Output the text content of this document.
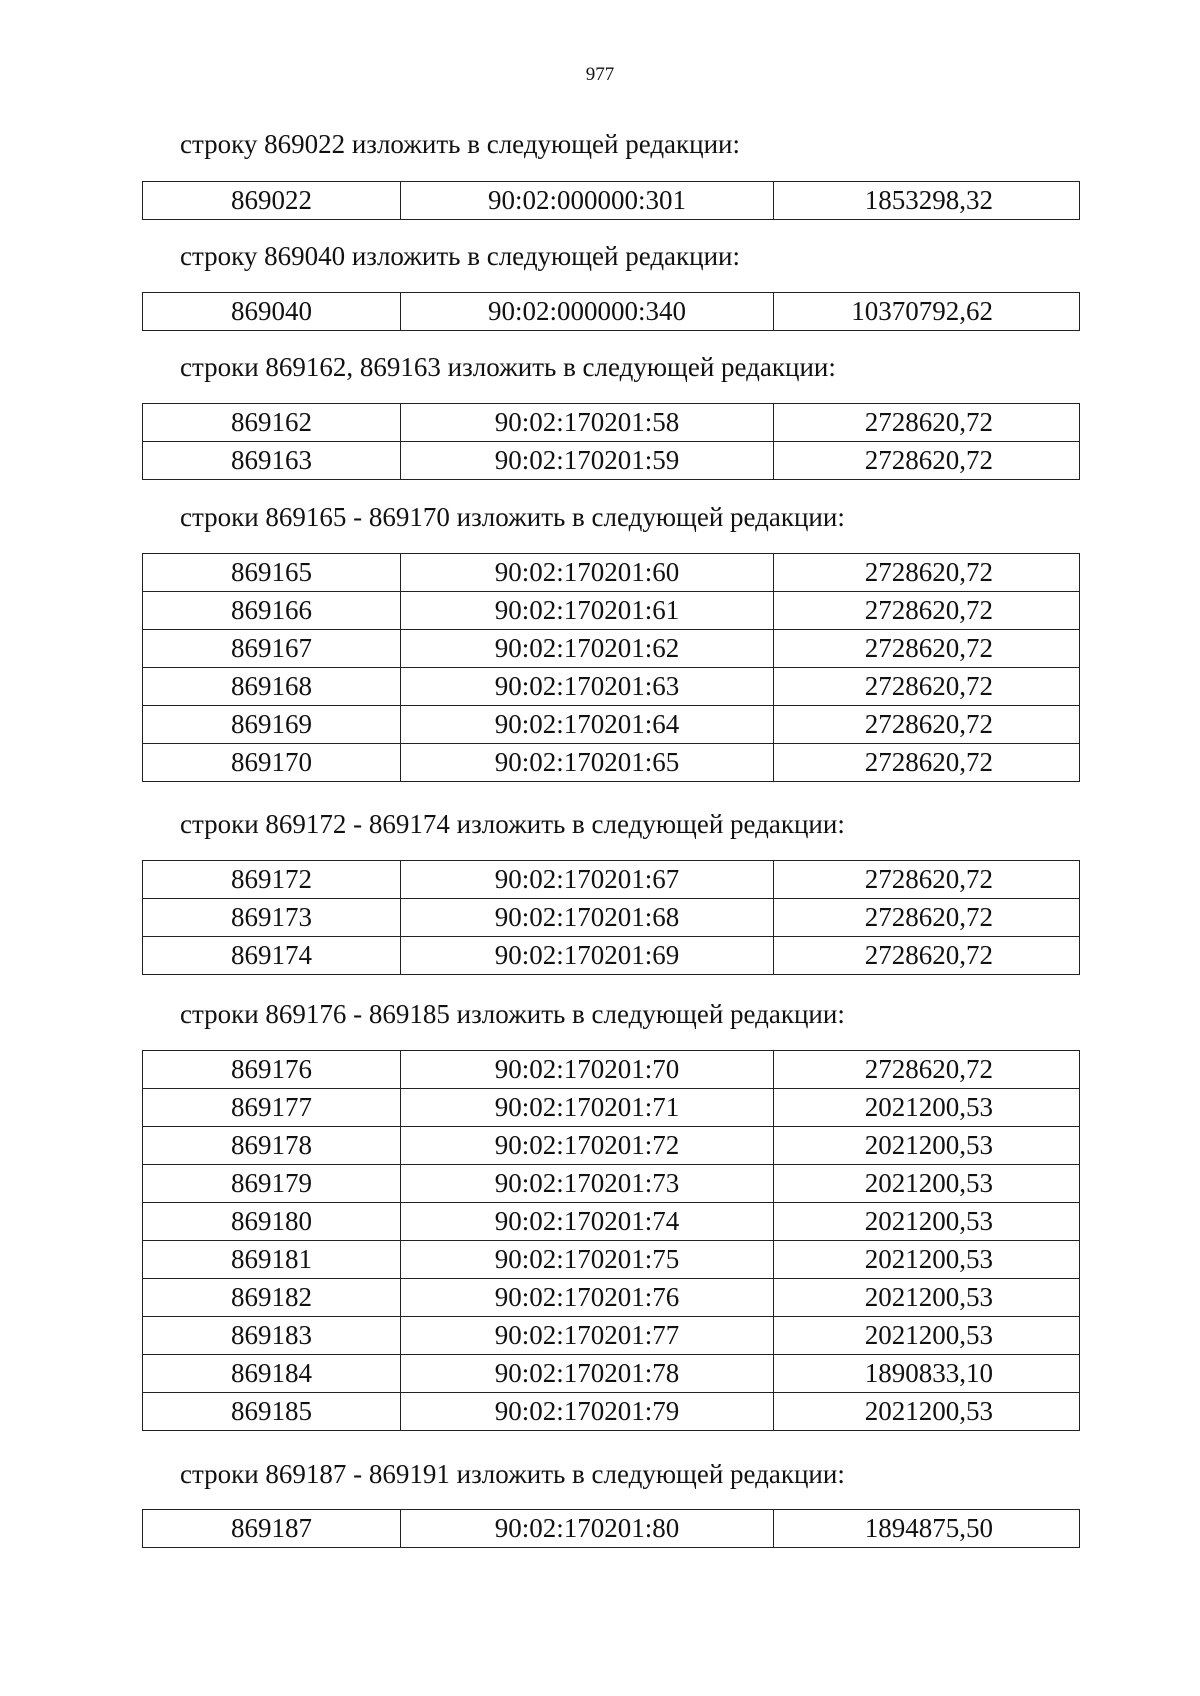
977
строку 869022 изложить в следующей редакции:
869022	90:02:000000:301	1853298,32
строку 869040 изложить в следующей редакции:
869040	90:02:000000:340	10370792,62
строки 869162, 869163 изложить в следующей редакции:
869162	90:02:170201:58	2728620,72
869163	90:02:170201:59	2728620,72
строки 869165 - 869170 изложить в следующей редакции:
869165	90:02:170201:60	2728620,72
869166	90:02:170201:61	2728620,72
869167	90:02:170201:62	2728620,72
869168	90:02:170201:63	2728620,72
869169	90:02:170201:64	2728620,72
869170	90:02:170201:65	2728620,72
строки 869172 - 869174 изложить в следующей редакции:
869172	90:02:170201:67	2728620,72
869173	90:02:170201:68	2728620,72
869174	90:02:170201:69	2728620,72
строки 869176 - 869185 изложить в следующей редакции:
869176	90:02:170201:70	2728620,72
869177	90:02:170201:71	2021200,53
869178	90:02:170201:72	2021200,53
869179	90:02:170201:73	2021200,53
869180	90:02:170201:74	2021200,53
869181	90:02:170201:75	2021200,53
869182	90:02:170201:76	2021200,53
869183	90:02:170201:77	2021200,53
869184	90:02:170201:78	1890833,10
869185	90:02:170201:79	2021200,53
строки 869187 - 869191 изложить в следующей редакции:
869187	90:02:170201:80	1894875,50
